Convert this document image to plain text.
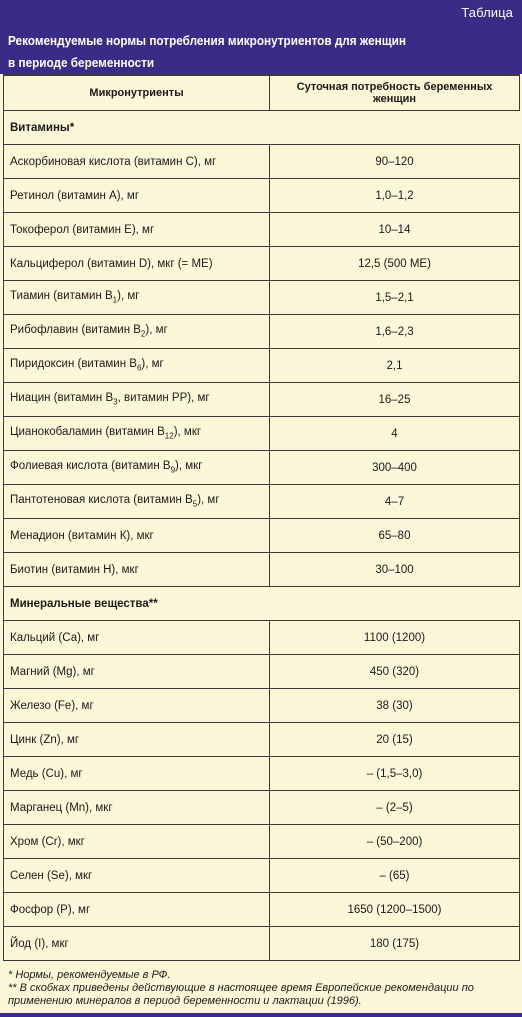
Таблица
Рекомендуемые нормы потребления микронутриентов для женщин
в периоде беременности
Микронутриенты	Суточная потребность беременных женщин
Витамины*	
Аскорбиновая кислота (витамин С), мг	90–120
Ретинол (витамин А), мг	1,0–1,2
Токоферол (витамин Е), мг	10–14
Кальциферол (витамин D), мкг (= МЕ)	12,5 (500 МЕ)
Тиамин (витамин $B_1$), мг	1,5–2,1
Рибофлавин (витамин $B_2$), мг	1,6–2,3
Пиридоксин (витамин $B_6$), мг	2,1
Ниацин (витамин $B_3$, витамин PP), мг	16–25
Цианокобаламин (витамин $B_{12}$), мкг	4
Фолиевая кислота (витамин $B_9$), мкг	300–400
Пантотеновая кислота (витамин $B_5$), мг	4–7
Менадион (витамин К), мкг	65–80
Биотин (витамин Н), мкг	30–100
Минеральные вещества**	
Кальций (Са), мг	1100 (1200)
Магний (Mg), мг	450 (320)
Железо (Fe), мг	38 (30)
Цинк (Zn), мг	20 (15)
Медь (Cu), мг	– (1,5–3,0)
Марганец (Mn), мкг	– (2–5)
Хром (Cr), мкг	– (50–200)
Селен (Se), мкг	– (65)
Фосфор (P), мг	1650 (1200–1500)
Йод (I), мкг	180 (175)
* Нормы, рекомендуемые в РФ.
** В скобках приведены действующие в настоящее время Европейские рекомендации по применению минералов в период беременности и лактации (1996).
